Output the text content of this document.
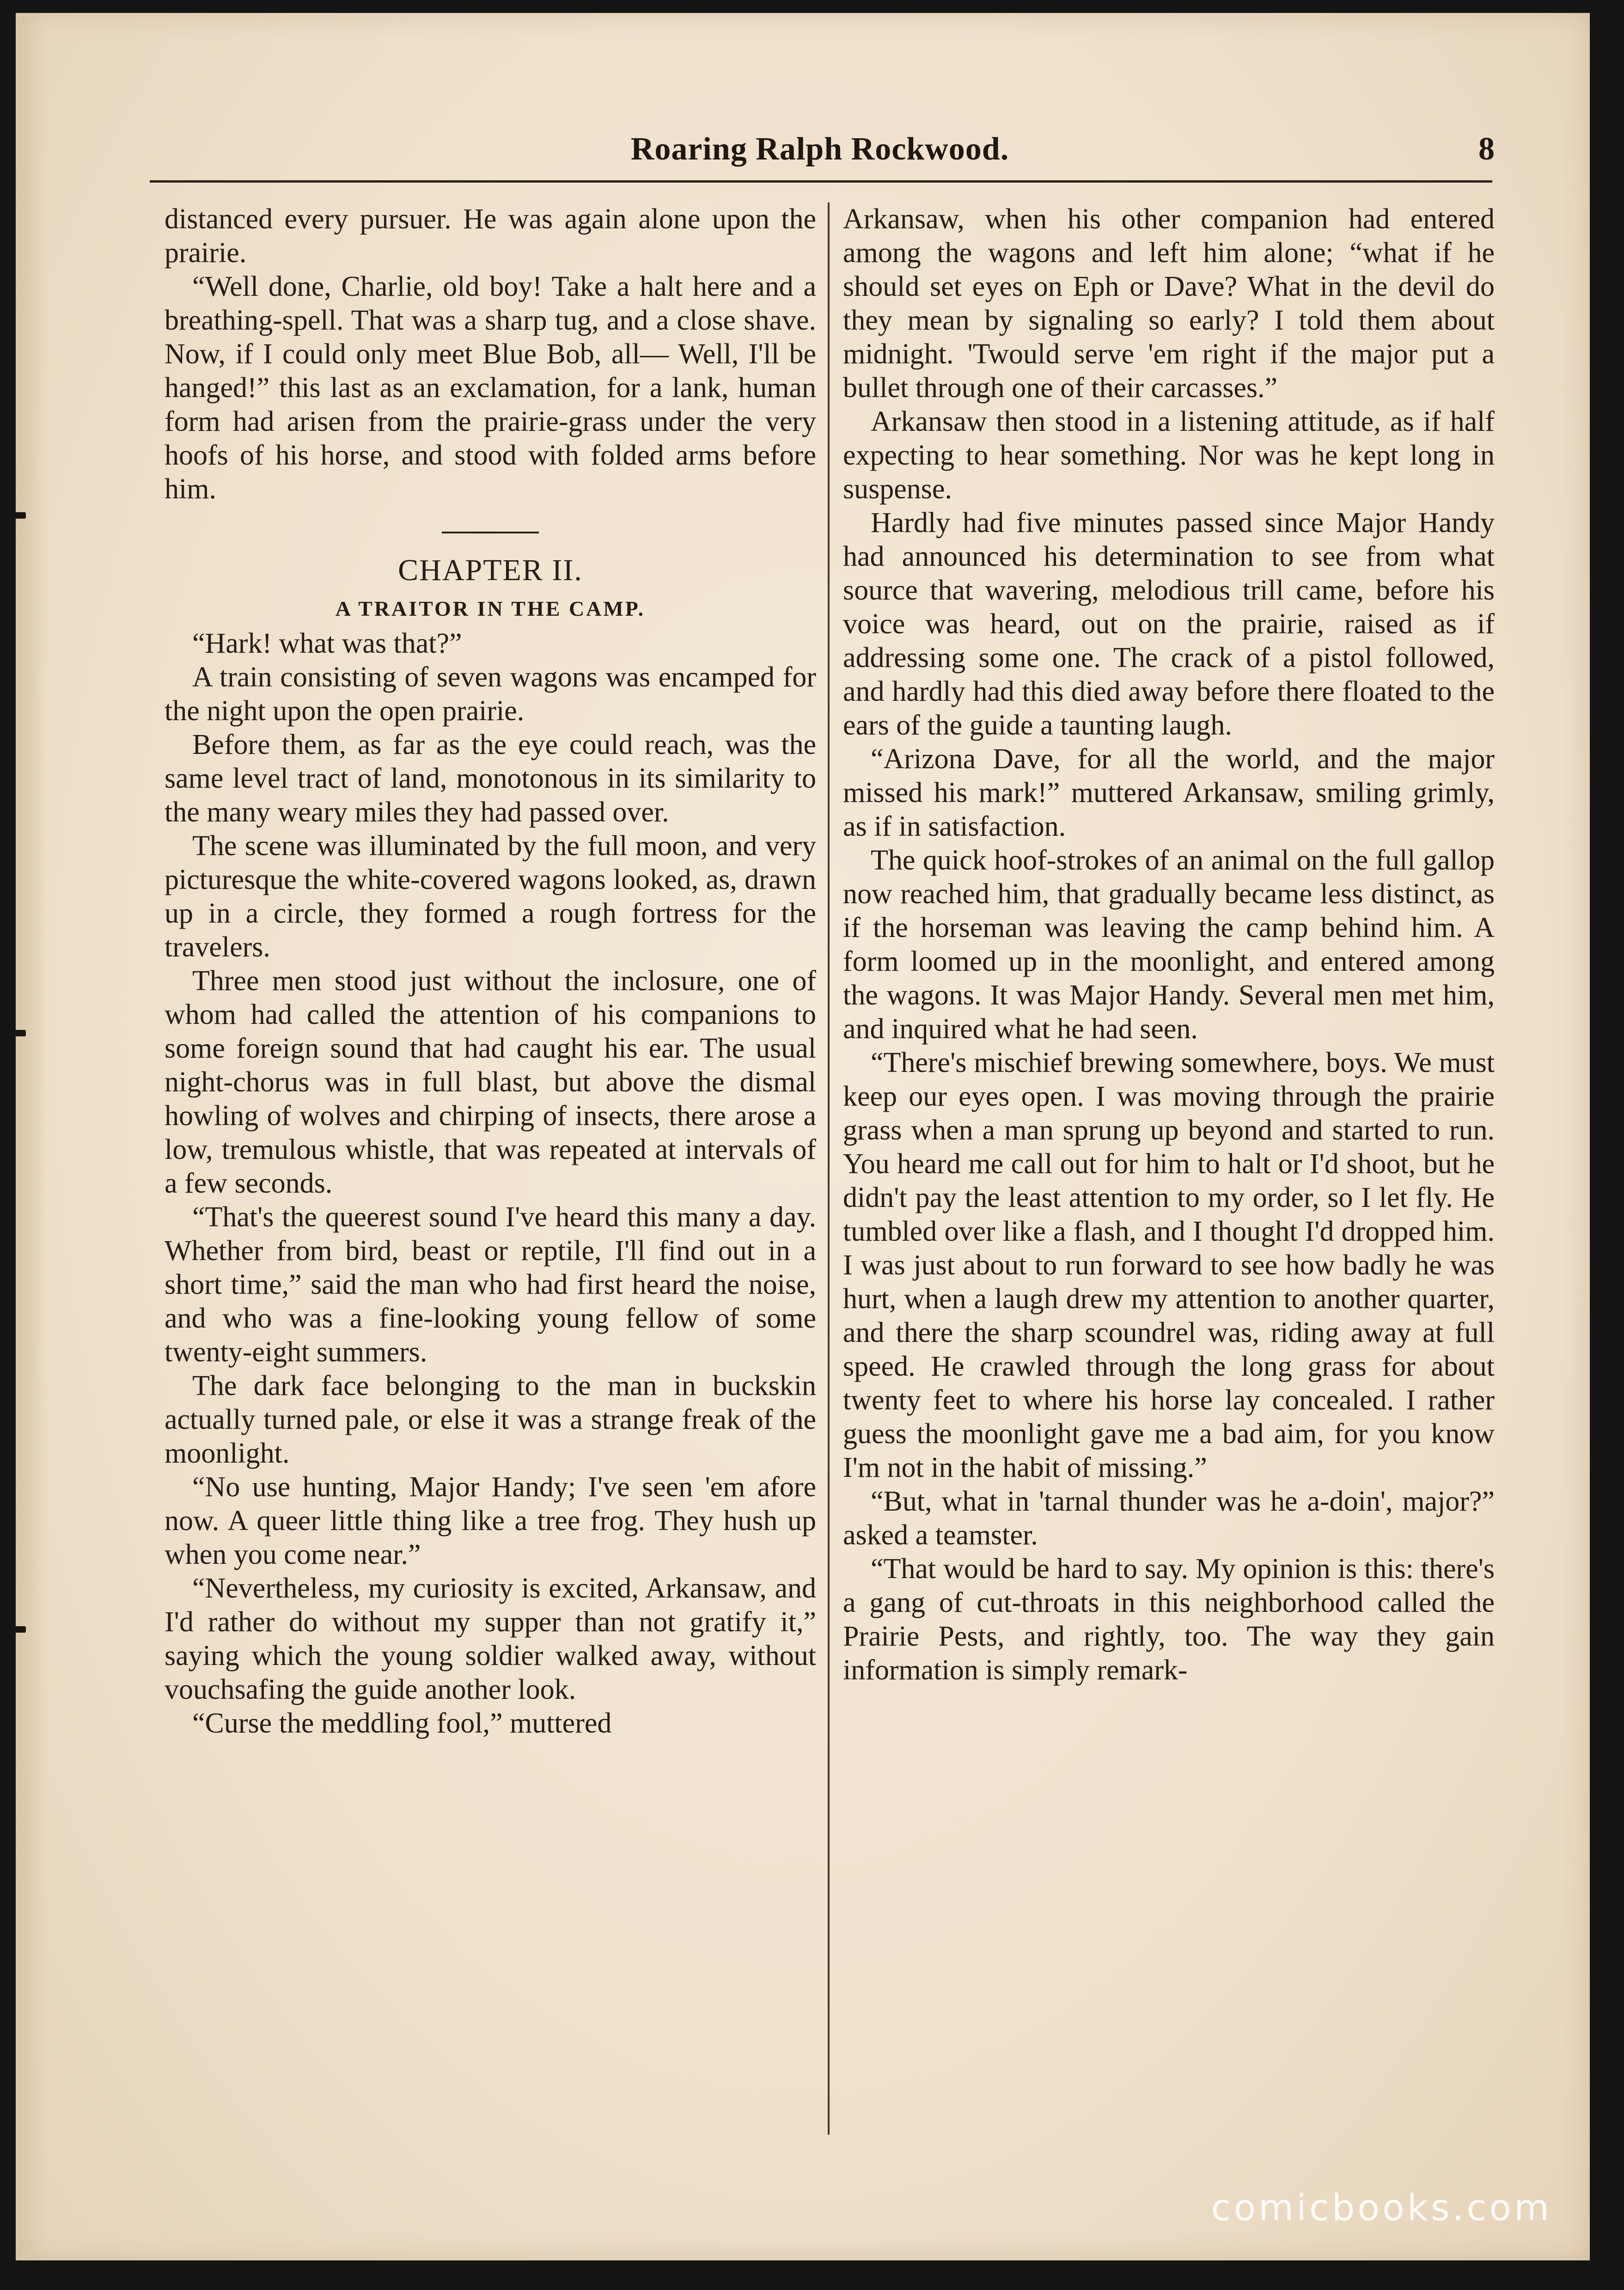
Roaring Ralph Rockwood.	8

distanced every pursuer. He was again alone upon the prairie.

“Well done, Charlie, old boy! Take a halt here and a breathing-spell. That was a sharp tug, and a close shave. Now, if I could only meet Blue Bob, all— Well, I'll be hanged!” this last as an exclamation, for a lank, human form had arisen from the prairie-grass under the very hoofs of his horse, and stood with folded arms before him.

CHAPTER II.
A TRAITOR IN THE CAMP.

“Hark! what was that?”

A train consisting of seven wagons was encamped for the night upon the open prairie.

Before them, as far as the eye could reach, was the same level tract of land, monotonous in its similarity to the many weary miles they had passed over.

The scene was illuminated by the full moon, and very picturesque the white-covered wagons looked, as, drawn up in a circle, they formed a rough fortress for the travelers.

Three men stood just without the inclosure, one of whom had called the attention of his companions to some foreign sound that had caught his ear. The usual night-chorus was in full blast, but above the dismal howling of wolves and chirping of insects, there arose a low, tremulous whistle, that was repeated at intervals of a few seconds.

“That's the queerest sound I've heard this many a day. Whether from bird, beast or reptile, I'll find out in a short time,” said the man who had first heard the noise, and who was a fine-looking young fellow of some twenty-eight summers.

The dark face belonging to the man in buckskin actually turned pale, or else it was a strange freak of the moonlight.

“No use hunting, Major Handy; I've seen 'em afore now. A queer little thing like a tree frog. They hush up when you come near.”

“Nevertheless, my curiosity is excited, Arkansaw, and I'd rather do without my supper than not gratify it,” saying which the young soldier walked away, without vouchsafing the guide another look.

“Curse the meddling fool,” muttered

Arkansaw, when his other companion had entered among the wagons and left him alone; “what if he should set eyes on Eph or Dave? What in the devil do they mean by signaling so early? I told them about midnight. 'Twould serve 'em right if the major put a bullet through one of their carcasses.”

Arkansaw then stood in a listening attitude, as if half expecting to hear something. Nor was he kept long in suspense.

Hardly had five minutes passed since Major Handy had announced his determination to see from what source that wavering, melodious trill came, before his voice was heard, out on the prairie, raised as if addressing some one. The crack of a pistol followed, and hardly had this died away before there floated to the ears of the guide a taunting laugh.

“Arizona Dave, for all the world, and the major missed his mark!” muttered Arkansaw, smiling grimly, as if in satisfaction.

The quick hoof-strokes of an animal on the full gallop now reached him, that gradually became less distinct, as if the horseman was leaving the camp behind him. A form loomed up in the moonlight, and entered among the wagons. It was Major Handy. Several men met him, and inquired what he had seen.

“There's mischief brewing somewhere, boys. We must keep our eyes open. I was moving through the prairie grass when a man sprung up beyond and started to run. You heard me call out for him to halt or I'd shoot, but he didn't pay the least attention to my order, so I let fly. He tumbled over like a flash, and I thought I'd dropped him. I was just about to run forward to see how badly he was hurt, when a laugh drew my attention to another quarter, and there the sharp scoundrel was, riding away at full speed. He crawled through the long grass for about twenty feet to where his horse lay concealed. I rather guess the moonlight gave me a bad aim, for you know I'm not in the habit of missing.”

“But, what in 'tarnal thunder was he a-doin', major?” asked a teamster.

“That would be hard to say. My opinion is this: there's a gang of cut-throats in this neighborhood called the Prairie Pests, and rightly, too. The way they gain information is simply remark-

comicbooks.com
